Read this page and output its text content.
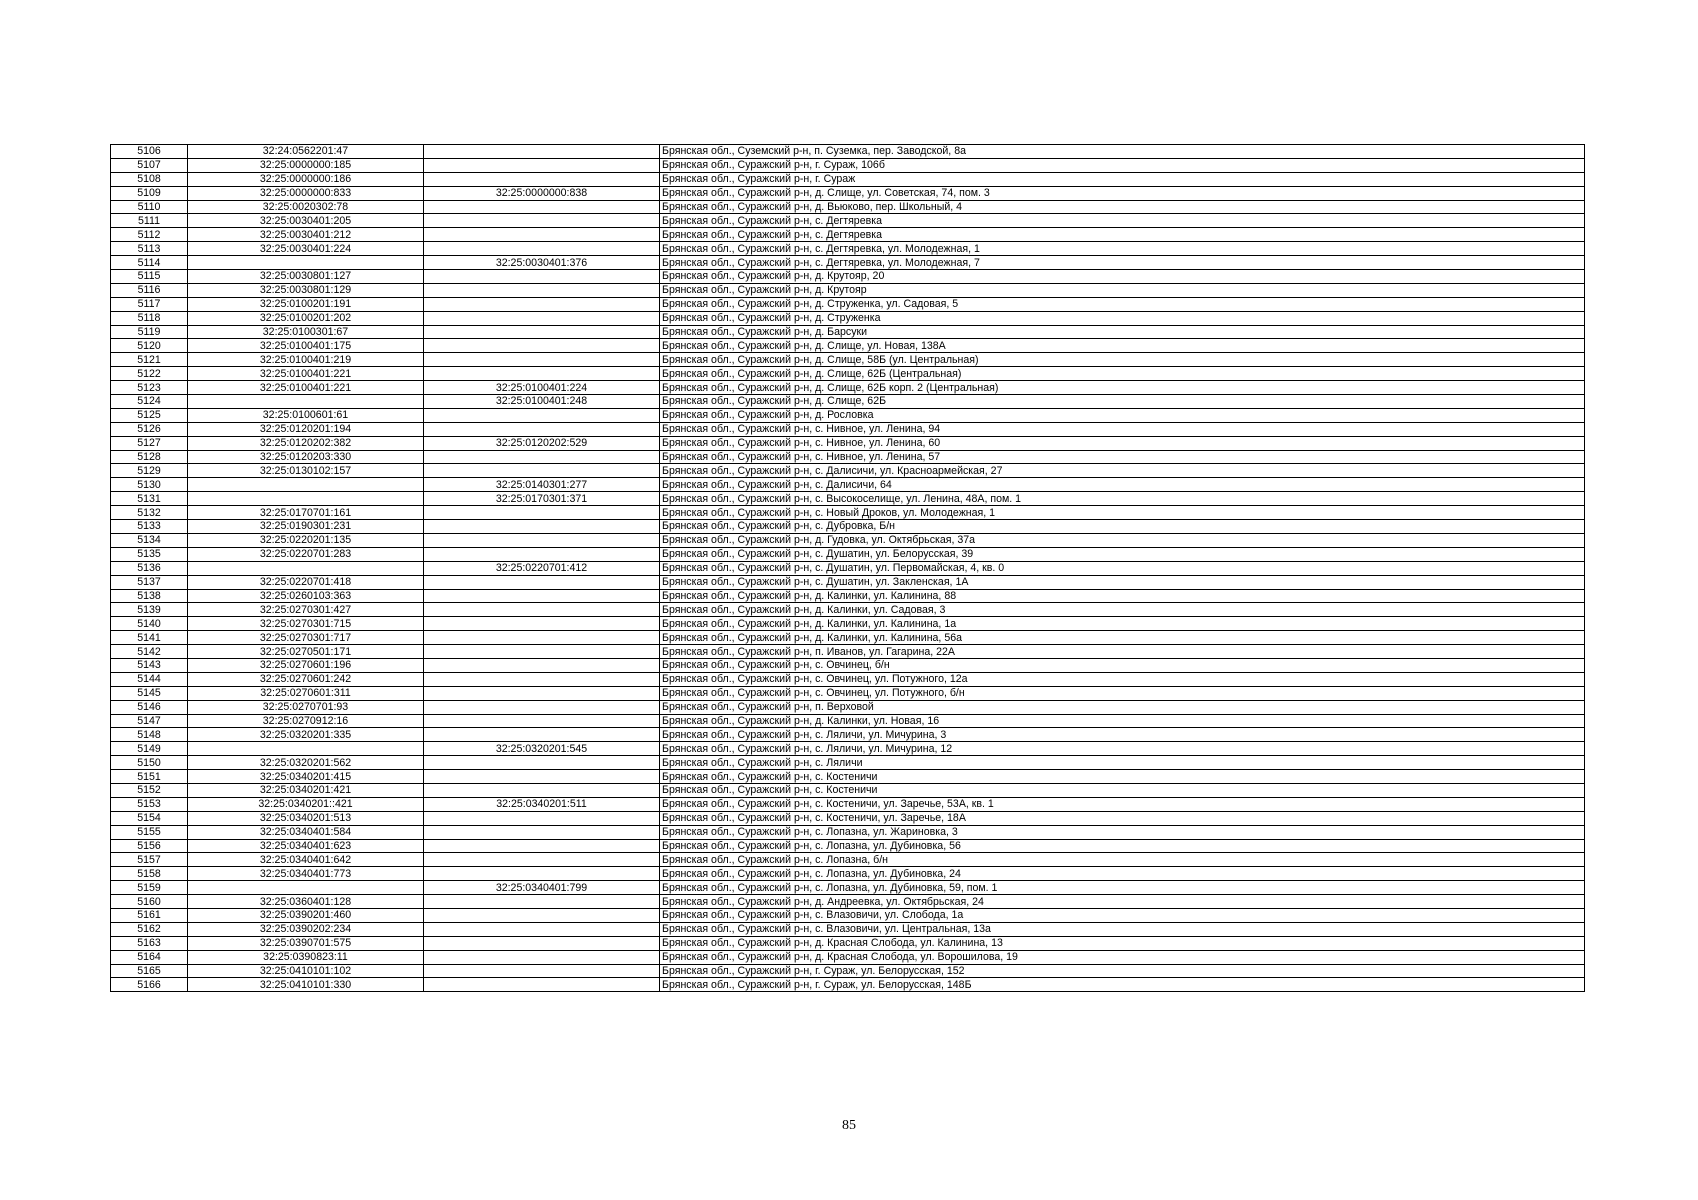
5106	32:24:0562201:47		Брянская обл., Суземский р-н, п. Суземка, пер. Заводской, 8а
5107	32:25:0000000:185		Брянская обл., Суражский р-н, г. Сураж, 106б
5108	32:25:0000000:186		Брянская обл., Суражский р-н, г. Сураж
5109	32:25:0000000:833	32:25:0000000:838	Брянская обл., Суражский р-н, д. Слище, ул. Советская, 74, пом. 3
5110	32:25:0020302:78		Брянская обл., Суражский р-н, д. Вьюково, пер. Школьный, 4
5111	32:25:0030401:205		Брянская обл., Суражский р-н, с. Дегтяревка
5112	32:25:0030401:212		Брянская обл., Суражский р-н, с. Дегтяревка
5113	32:25:0030401:224		Брянская обл., Суражский р-н, с. Дегтяревка, ул. Молодежная, 1
5114		32:25:0030401:376	Брянская обл., Суражский р-н, с. Дегтяревка, ул. Молодежная, 7
5115	32:25:0030801:127		Брянская обл., Суражский р-н, д. Крутояр, 20
5116	32:25:0030801:129		Брянская обл., Суражский р-н, д. Крутояр
5117	32:25:0100201:191		Брянская обл., Суражский р-н, д. Струженка, ул. Садовая, 5
5118	32:25:0100201:202		Брянская обл., Суражский р-н, д. Струженка
5119	32:25:0100301:67		Брянская обл., Суражский р-н, д. Барсуки
5120	32:25:0100401:175		Брянская обл., Суражский р-н, д. Слище, ул. Новая, 138А
5121	32:25:0100401:219		Брянская обл., Суражский р-н, д. Слище, 58Б (ул. Центральная)
5122	32:25:0100401:221		Брянская обл., Суражский р-н, д. Слище, 62Б (Центральная)
5123	32:25:0100401:221	32:25:0100401:224	Брянская обл., Суражский р-н, д. Слище, 62Б корп. 2 (Центральная)
5124		32:25:0100401:248	Брянская обл., Суражский р-н, д. Слище, 62Б
5125	32:25:0100601:61		Брянская обл., Суражский р-н, д. Рословка
5126	32:25:0120201:194		Брянская обл., Суражский р-н, с. Нивное, ул. Ленина, 94
5127	32:25:0120202:382	32:25:0120202:529	Брянская обл., Суражский р-н, с. Нивное, ул. Ленина, 60
5128	32:25:0120203:330		Брянская обл., Суражский р-н, с. Нивное, ул. Ленина, 57
5129	32:25:0130102:157		Брянская обл., Суражский р-н, с. Далисичи, ул. Красноармейская, 27
5130		32:25:0140301:277	Брянская обл., Суражский р-н, с. Далисичи, 64
5131		32:25:0170301:371	Брянская обл., Суражский р-н, с. Высокоселище, ул. Ленина, 48А, пом. 1
5132	32:25:0170701:161		Брянская обл., Суражский р-н, с. Новый Дроков, ул. Молодежная, 1
5133	32:25:0190301:231		Брянская обл., Суражский р-н, с. Дубровка, Б/н
5134	32:25:0220201:135		Брянская обл., Суражский р-н, д. Гудовка, ул. Октябрьская, 37а
5135	32:25:0220701:283		Брянская обл., Суражский р-н, с. Душатин, ул. Белорусская, 39
5136		32:25:0220701:412	Брянская обл., Суражский р-н, с. Душатин, ул. Первомайская, 4, кв. 0
5137	32:25:0220701:418		Брянская обл., Суражский р-н, с. Душатин, ул. Закленская, 1А
5138	32:25:0260103:363		Брянская обл., Суражский р-н, д. Калинки, ул. Калинина, 88
5139	32:25:0270301:427		Брянская обл., Суражский р-н, д. Калинки, ул. Садовая, 3
5140	32:25:0270301:715		Брянская обл., Суражский р-н, д. Калинки, ул. Калинина, 1а
5141	32:25:0270301:717		Брянская обл., Суражский р-н, д. Калинки, ул. Калинина, 56а
5142	32:25:0270501:171		Брянская обл., Суражский р-н, п. Иванов, ул. Гагарина, 22А
5143	32:25:0270601:196		Брянская обл., Суражский р-н, с. Овчинец, б/н
5144	32:25:0270601:242		Брянская обл., Суражский р-н, с. Овчинец, ул. Потужного, 12а
5145	32:25:0270601:311		Брянская обл., Суражский р-н, с. Овчинец, ул. Потужного, б/н
5146	32:25:0270701:93		Брянская обл., Суражский р-н, п. Верховой
5147	32:25:0270912:16		Брянская обл., Суражский р-н, д. Калинки, ул. Новая, 16
5148	32:25:0320201:335		Брянская обл., Суражский р-н, с. Ляличи, ул. Мичурина, 3
5149		32:25:0320201:545	Брянская обл., Суражский р-н, с. Ляличи, ул. Мичурина, 12
5150	32:25:0320201:562		Брянская обл., Суражский р-н, с. Ляличи
5151	32:25:0340201:415		Брянская обл., Суражский р-н, с. Костеничи
5152	32:25:0340201:421		Брянская обл., Суражский р-н, с. Костеничи
5153	32:25:0340201::421	32:25:0340201:511	Брянская обл., Суражский р-н, с. Костеничи, ул. Заречье, 53А, кв. 1
5154	32:25:0340201:513		Брянская обл., Суражский р-н, с. Костеничи, ул. Заречье, 18А
5155	32:25:0340401:584		Брянская обл., Суражский р-н, с. Лопазна, ул. Жариновка, 3
5156	32:25:0340401:623		Брянская обл., Суражский р-н, с. Лопазна, ул. Дубиновка, 56
5157	32:25:0340401:642		Брянская обл., Суражский р-н, с. Лопазна, б/н
5158	32:25:0340401:773		Брянская обл., Суражский р-н, с. Лопазна, ул. Дубиновка, 24
5159		32:25:0340401:799	Брянская обл., Суражский р-н, с. Лопазна, ул. Дубиновка, 59, пом. 1
5160	32:25:0360401:128		Брянская обл., Суражский р-н, д. Андреевка, ул. Октябрьская, 24
5161	32:25:0390201:460		Брянская обл., Суражский р-н, с. Влазовичи, ул. Слобода, 1а
5162	32:25:0390202:234		Брянская обл., Суражский р-н, с. Влазовичи, ул. Центральная, 13а
5163	32:25:0390701:575		Брянская обл., Суражский р-н, д. Красная Слобода, ул. Калинина, 13
5164	32:25:0390823:11		Брянская обл., Суражский р-н, д. Красная Слобода, ул. Ворошилова, 19
5165	32:25:0410101:102		Брянская обл., Суражский р-н, г. Сураж, ул. Белорусская, 152
5166	32:25:0410101:330		Брянская обл., Суражский р-н, г. Сураж, ул. Белорусская, 148Б
85
